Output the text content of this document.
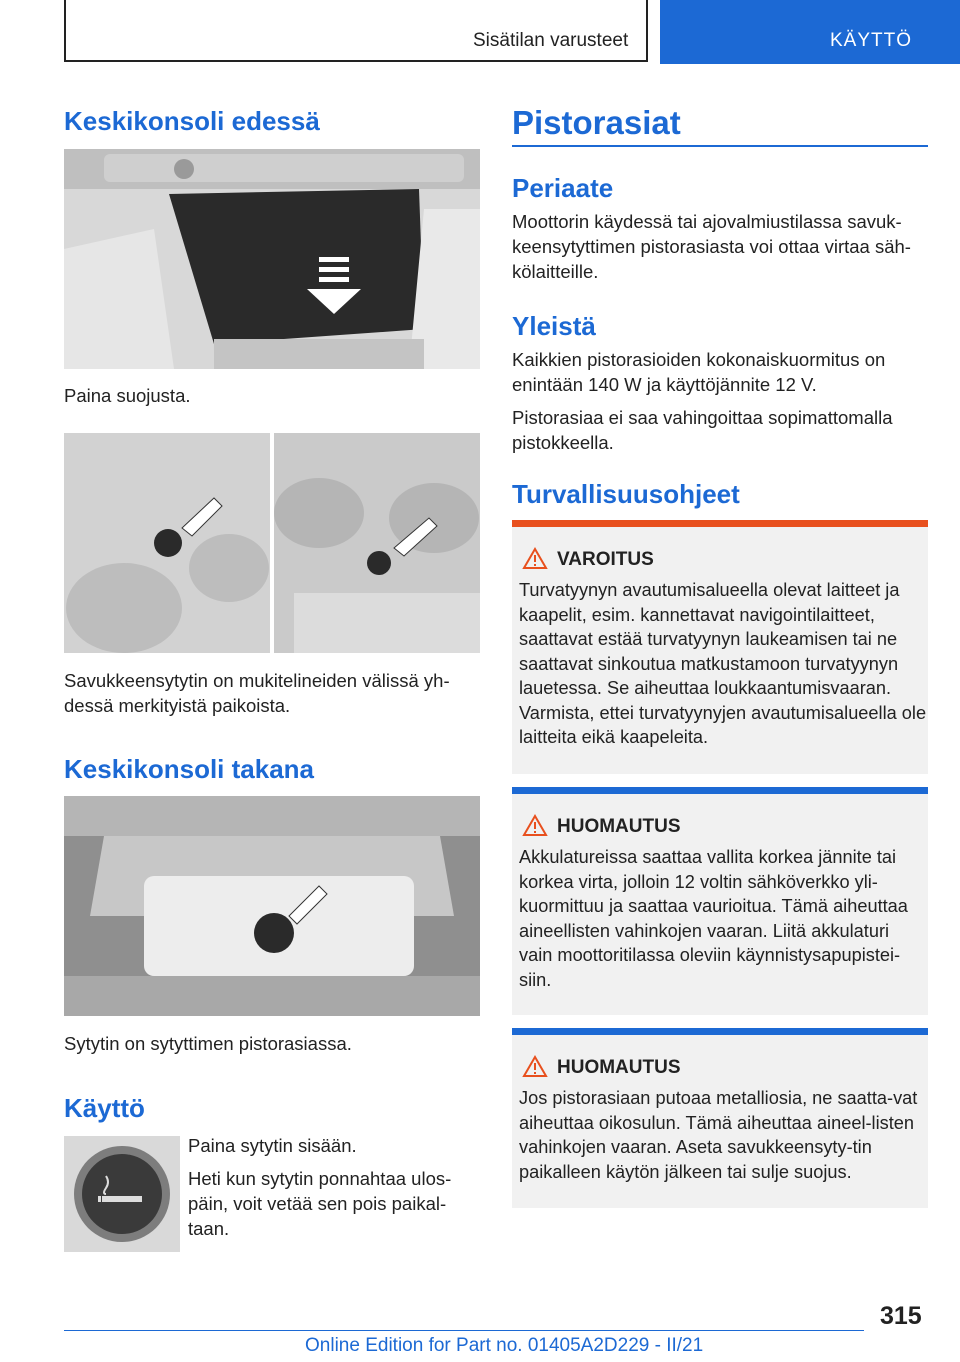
Sisätilan varusteet	KÄYTTÖ
Keskikonsoli edessä
Paina suojusta.
Savukkeensytytin on mukitelineiden välissä yh-dessä merkityistä paikoista.
Keskikonsoli takana
Sytytin on sytyttimen pistorasiassa.
Käyttö
Paina sytytin sisään.
Heti kun sytytin ponnahtaa ulos-päin, voit vetää sen pois paikal-taan.
Pistorasiat
Periaate
Moottorin käydessä tai ajovalmiustilassa savuk-keensytyttimen pistorasiasta voi ottaa virtaa säh-kölaitteille.
Yleistä
Kaikkien pistorasioiden kokonaiskuormitus on enintään 140 W ja käyttöjännite 12 V.
Pistorasiaa ei saa vahingoittaa sopimattomalla pistokkeella.
Turvallisuusohjeet
VAROITUS
Turvatyynyn avautumisalueella olevat laitteet ja kaapelit, esim. kannettavat navigointilaitteet, saattavat estää turvatyynyn laukeamisen tai ne saattavat sinkoutua matkustamoon turvatyynyn lauetessa. Se aiheuttaa loukkaantumisvaaran. Varmista, ettei turvatyynyjen avautumisalueella ole laitteita eikä kaapeleita.
HUOMAUTUS
Akkulatureissa saattaa vallita korkea jännite tai korkea virta, jolloin 12 voltin sähköverkko yli-kuormittuu ja saattaa vaurioitua. Tämä aiheuttaa aineellisten vahinkojen vaaran. Liitä akkulaturi vain moottoritilassa oleviin käynnistysapupistei-siin.
HUOMAUTUS
Jos pistorasiaan putoaa metalliosia, ne saatta-vat aiheuttaa oikosulun. Tämä aiheuttaa aineel-listen vahinkojen vaaran. Aseta savukkeensyty-tin paikalleen käytön jälkeen tai sulje suojus.
315
Online Edition for Part no. 01405A2D229 - II/21
